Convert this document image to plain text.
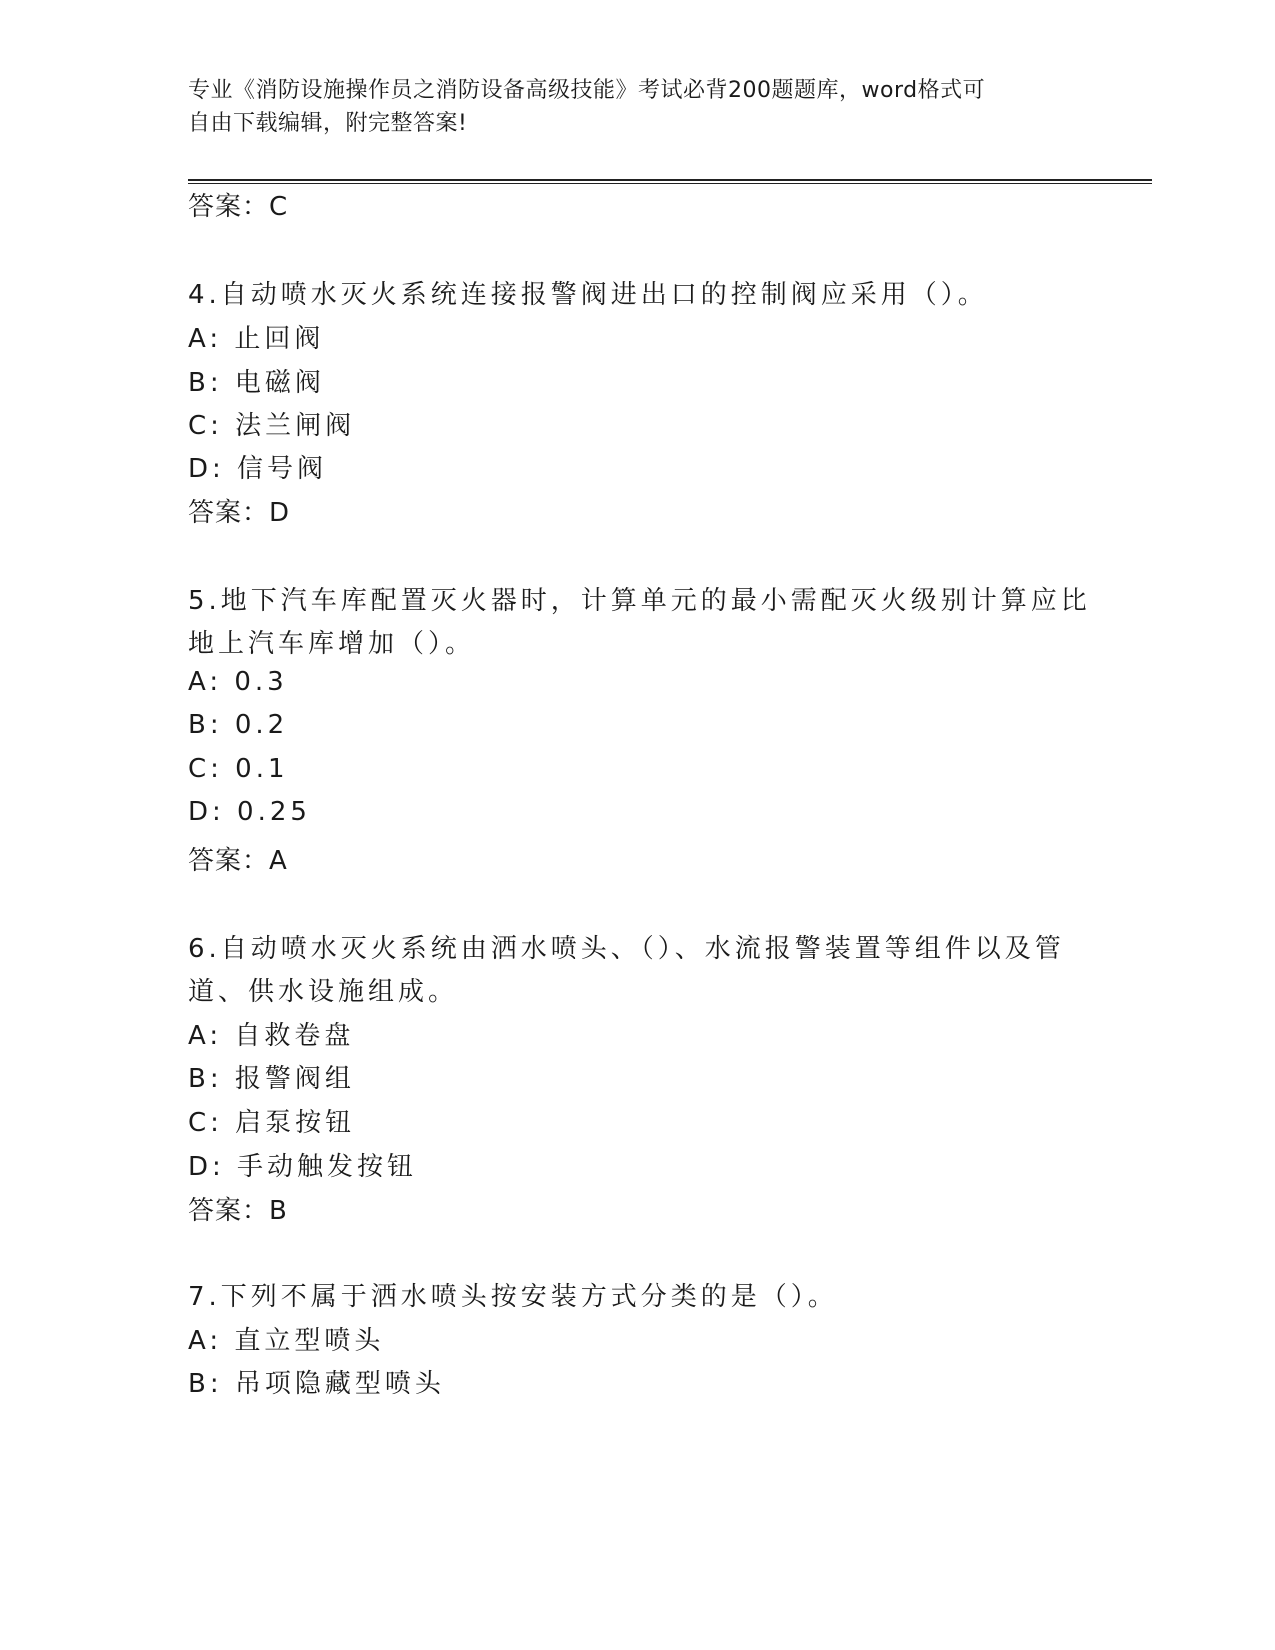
专业《消防设施操作员之消防设备高级技能》考试必背200题题库，word格式可
自由下载编辑，附完整答案!
答案：C
4.自动喷水灭火系统连接报警阀进出口的控制阀应采用（）。
A: 止回阀
B: 电磁阀
C: 法兰闸阀
D: 信号阀
答案：D
5.地下汽车库配置灭火器时，计算单元的最小需配灭火级别计算应比
地上汽车库增加（）。
A: 0.3
B: 0.2
C: 0.1
D: 0.25
答案：A
6.自动喷水灭火系统由洒水喷头、（）、水流报警装置等组件以及管
道、供水设施组成。
A: 自救卷盘
B: 报警阀组
C: 启泵按钮
D: 手动触发按钮
答案：B
7.下列不属于洒水喷头按安装方式分类的是（）。
A: 直立型喷头
B: 吊项隐藏型喷头
